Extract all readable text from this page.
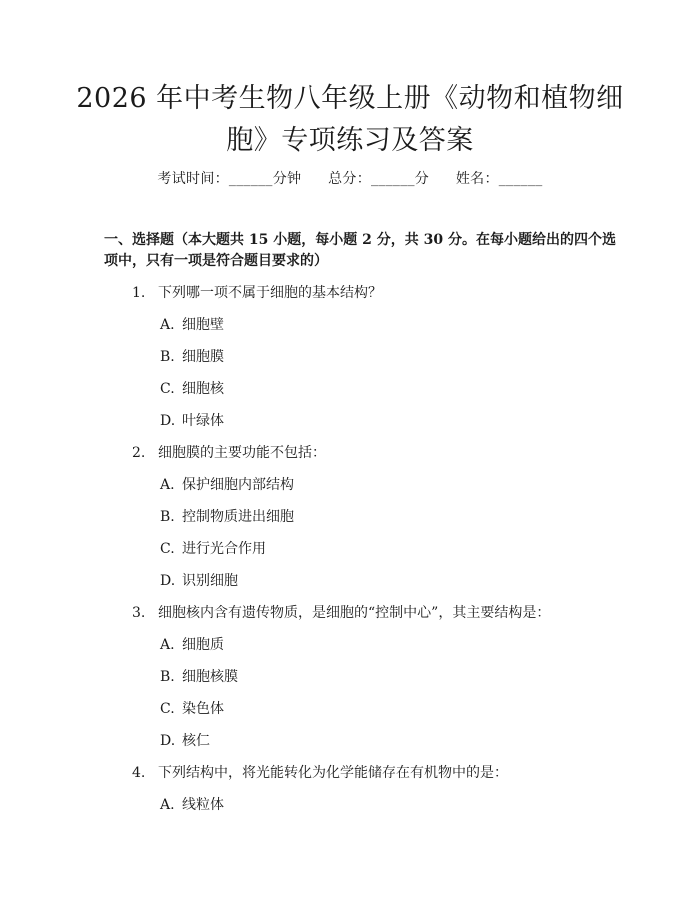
2026 年中考生物八年级上册《动物和植物细
胞》专项练习及答案
考试时间：______分钟 总分：______分 姓名：______
一、选择题（本大题共 15 小题，每小题 2 分，共 30 分。在每小题给出的四个选项中，只有一项是符合题目要求的）
1. 下列哪一项不属于细胞的基本结构？
A. 细胞壁
B. 细胞膜
C. 细胞核
D. 叶绿体
2. 细胞膜的主要功能不包括：
A. 保护细胞内部结构
B. 控制物质进出细胞
C. 进行光合作用
D. 识别细胞
3. 细胞核内含有遗传物质，是细胞的“控制中心”，其主要结构是：
A. 细胞质
B. 细胞核膜
C. 染色体
D. 核仁
4. 下列结构中，将光能转化为化学能储存在有机物中的是：
A. 线粒体
